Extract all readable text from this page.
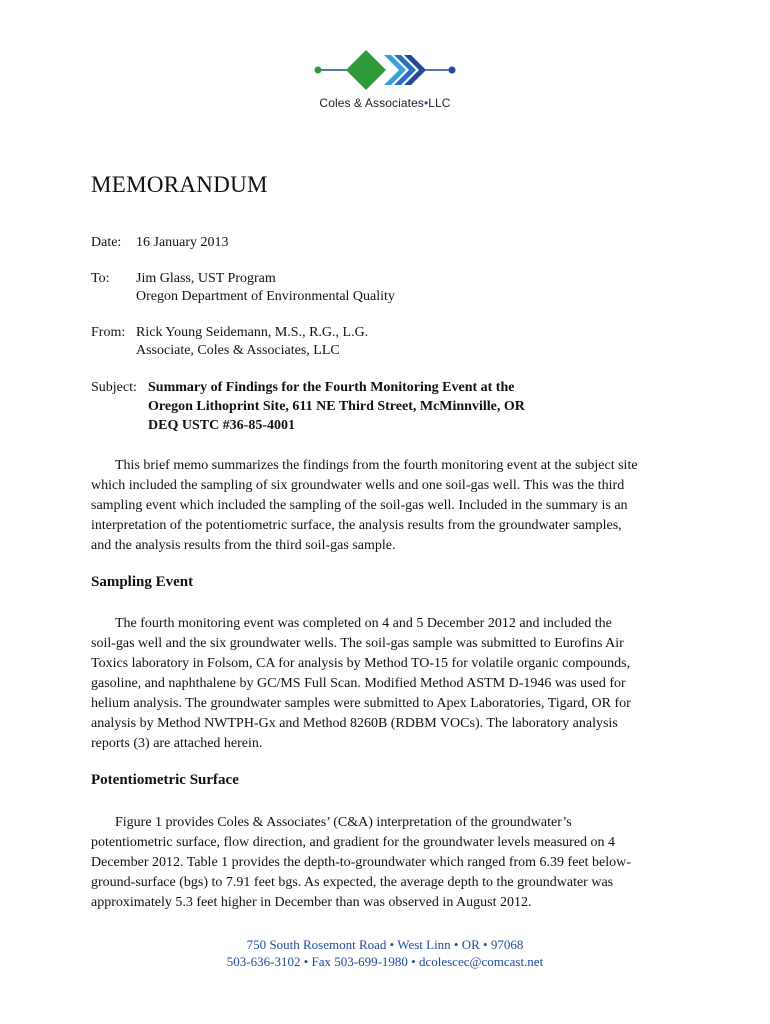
Coles & Associates•LLC
MEMORANDUM
Date: 16 January 2013
To: Jim Glass, UST Program
Oregon Department of Environmental Quality
From: Rick Young Seidemann, M.S., R.G., L.G.
Associate, Coles & Associates, LLC
Subject: Summary of Findings for the Fourth Monitoring Event at the
Oregon Lithoprint Site, 611 NE Third Street, McMinnville, OR
DEQ USTC #36-85-4001

This brief memo summarizes the findings from the fourth monitoring event at the subject site
which included the sampling of six groundwater wells and one soil-gas well. This was the third
sampling event which included the sampling of the soil-gas well. Included in the summary is an
interpretation of the potentiometric surface, the analysis results from the groundwater samples,
and the analysis results from the third soil-gas sample.

Sampling Event

The fourth monitoring event was completed on 4 and 5 December 2012 and included the
soil-gas well and the six groundwater wells. The soil-gas sample was submitted to Eurofins Air
Toxics laboratory in Folsom, CA for analysis by Method TO-15 for volatile organic compounds,
gasoline, and naphthalene by GC/MS Full Scan. Modified Method ASTM D-1946 was used for
helium analysis. The groundwater samples were submitted to Apex Laboratories, Tigard, OR for
analysis by Method NWTPH-Gx and Method 8260B (RDBM VOCs). The laboratory analysis
reports (3) are attached herein.

Potentiometric Surface

Figure 1 provides Coles & Associates’ (C&A) interpretation of the groundwater’s
potentiometric surface, flow direction, and gradient for the groundwater levels measured on 4
December 2012. Table 1 provides the depth-to-groundwater which ranged from 6.39 feet below-
ground-surface (bgs) to 7.91 feet bgs. As expected, the average depth to the groundwater was
approximately 5.3 feet higher in December than was observed in August 2012.

750 South Rosemont Road • West Linn • OR • 97068
503-636-3102 • Fax 503-699-1980 • dcolescec@comcast.net
